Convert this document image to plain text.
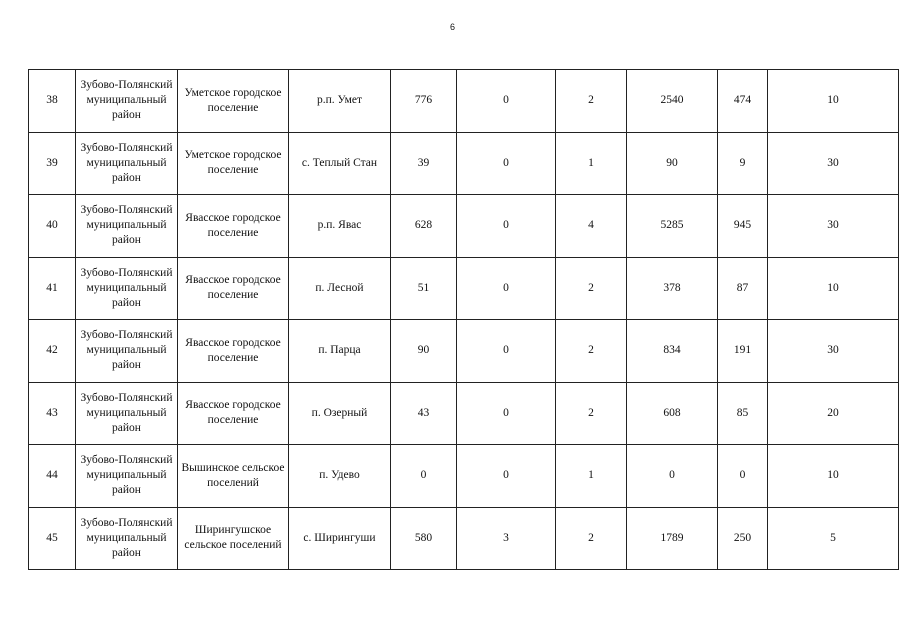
6
38	Зубово-Полянский муниципальный район	Уметское городское поселение	р.п. Умет	776	0	2	2540	474	10
39	Зубово-Полянский муниципальный район	Уметское городское поселение	с. Теплый Стан	39	0	1	90	9	30
40	Зубово-Полянский муниципальный район	Явасское городское поселение	р.п. Явас	628	0	4	5285	945	30
41	Зубово-Полянский муниципальный район	Явасское городское поселение	п. Лесной	51	0	2	378	87	10
42	Зубово-Полянский муниципальный район	Явасское городское поселение	п. Парца	90	0	2	834	191	30
43	Зубово-Полянский муниципальный район	Явасское городское поселение	п. Озерный	43	0	2	608	85	20
44	Зубово-Полянский муниципальный район	Вышинское сельское поселений	п. Удево	0	0	1	0	0	10
45	Зубово-Полянский муниципальный район	Ширингушское сельское поселений	с. Ширингуши	580	3	2	1789	250	5
